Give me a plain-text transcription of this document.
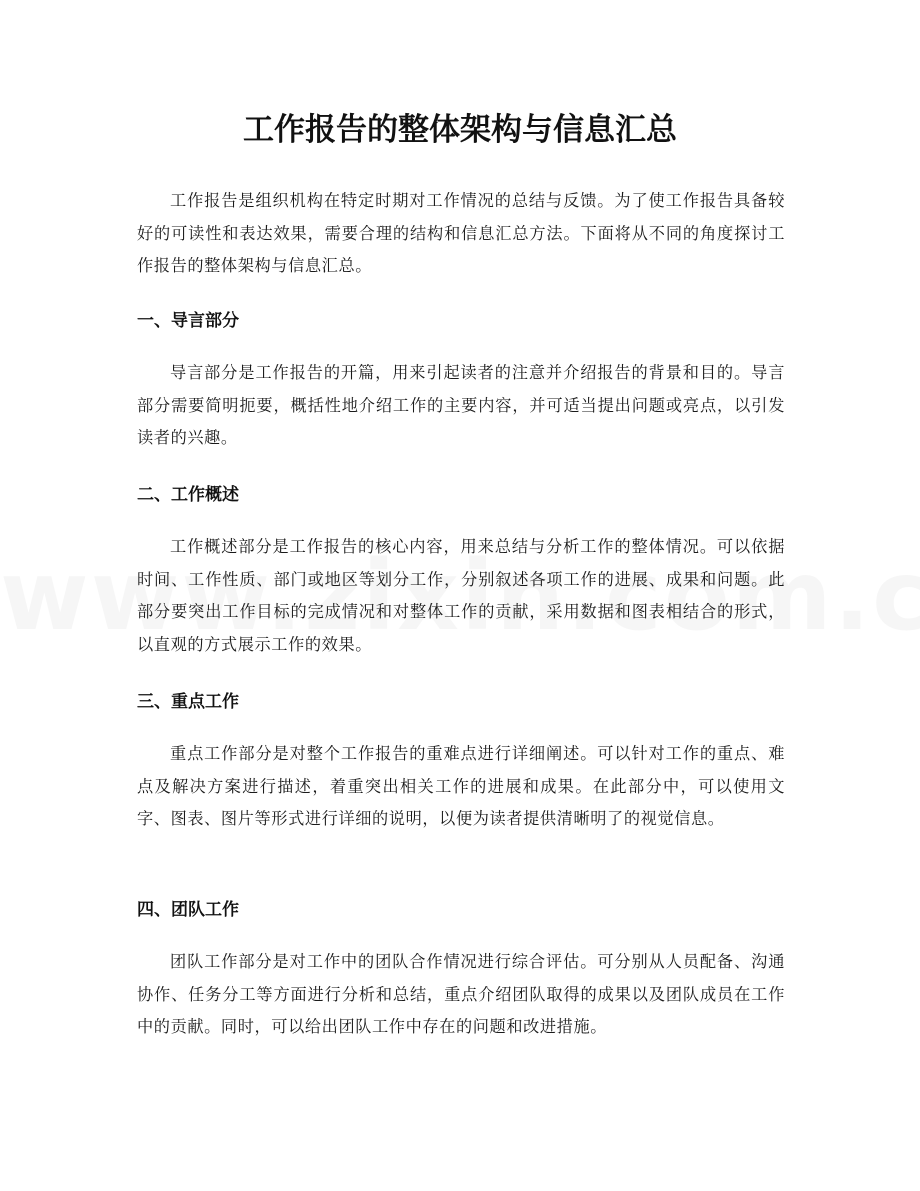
工作报告的整体架构与信息汇总

工作报告是组织机构在特定时期对工作情况的总结与反馈。为了使工作报告具备较好的可读性和表达效果，需要合理的结构和信息汇总方法。下面将从不同的角度探讨工作报告的整体架构与信息汇总。

一、导言部分

导言部分是工作报告的开篇，用来引起读者的注意并介绍报告的背景和目的。导言部分需要简明扼要，概括性地介绍工作的主要内容，并可适当提出问题或亮点，以引发读者的兴趣。

二、工作概述

工作概述部分是工作报告的核心内容，用来总结与分析工作的整体情况。可以依据时间、工作性质、部门或地区等划分工作，分别叙述各项工作的进展、成果和问题。此部分要突出工作目标的完成情况和对整体工作的贡献，采用数据和图表相结合的形式，以直观的方式展示工作的效果。

三、重点工作

重点工作部分是对整个工作报告的重难点进行详细阐述。可以针对工作的重点、难点及解决方案进行描述，着重突出相关工作的进展和成果。在此部分中，可以使用文字、图表、图片等形式进行详细的说明，以便为读者提供清晰明了的视觉信息。

四、团队工作

团队工作部分是对工作中的团队合作情况进行综合评估。可分别从人员配备、沟通协作、任务分工等方面进行分析和总结，重点介绍团队取得的成果以及团队成员在工作中的贡献。同时，可以给出团队工作中存在的问题和改进措施。
